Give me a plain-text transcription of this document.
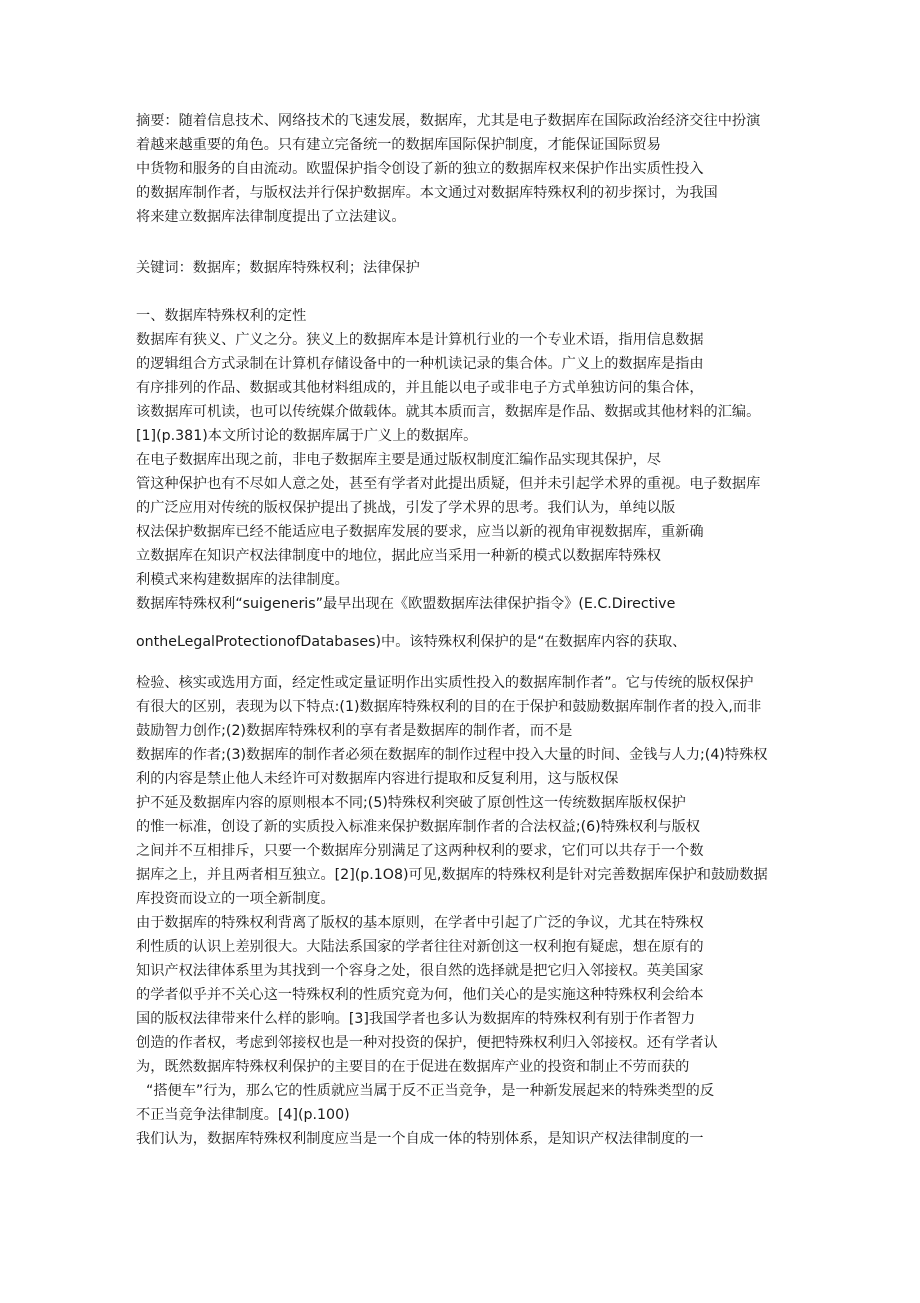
摘要：随着信息技术、网络技术的飞速发展，数据库，尤其是电子数据库在国际政治经济交往中扮演
着越来越重要的角色。只有建立完备统一的数据库国际保护制度，才能保证国际贸易
中货物和服务的自由流动。欧盟保护指令创设了新的独立的数据库权来保护作出实质性投入
的数据库制作者，与版权法并行保护数据库。本文通过对数据库特殊权利的初步探讨，为我国
将来建立数据库法律制度提出了立法建议。
关键词：数据库；数据库特殊权利；法律保护
一、数据库特殊权利的定性
数据库有狭义、广义之分。狭义上的数据库本是计算机行业的一个专业术语，指用信息数据
的逻辑组合方式录制在计算机存储设备中的一种机读记录的集合体。广义上的数据库是指由
有序排列的作品、数据或其他材料组成的，并且能以电子或非电子方式单独访问的集合体，
该数据库可机读，也可以传统媒介做载体。就其本质而言，数据库是作品、数据或其他材料的汇编。
[1](p.381)本文所讨论的数据库属于广义上的数据库。
在电子数据库出现之前，非电子数据库主要是通过版权制度汇编作品实现其保护，尽
管这种保护也有不尽如人意之处，甚至有学者对此提出质疑，但并未引起学术界的重视。电子数据库
的广泛应用对传统的版权保护提出了挑战，引发了学术界的思考。我们认为，单纯以版
权法保护数据库已经不能适应电子数据库发展的要求，应当以新的视角审视数据库，重新确
立数据库在知识产权法律制度中的地位，据此应当采用一种新的模式以数据库特殊权
利模式来构建数据库的法律制度。
数据库特殊权利“suigeneris”最早出现在《欧盟数据库法律保护指令》(E.C.Directive
ontheLegalProtectionofDatabases)中。该特殊权利保护的是“在数据库内容的获取、
检验、核实或选用方面，经定性或定量证明作出实质性投入的数据库制作者”。它与传统的版权保护
有很大的区别，表现为以下特点:(1)数据库特殊权利的目的在于保护和鼓励数据库制作者的投入,而非
鼓励智力创作;(2)数据库特殊权利的享有者是数据库的制作者，而不是
数据库的作者;(3)数据库的制作者必须在数据库的制作过程中投入大量的时间、金钱与人力;(4)特殊权
利的内容是禁止他人未经许可对数据库内容进行提取和反复利用，这与版权保
护不延及数据库内容的原则根本不同;(5)特殊权利突破了原创性这一传统数据库版权保护
的惟一标准，创设了新的实质投入标准来保护数据库制作者的合法权益;(6)特殊权利与版权
之间并不互相排斥，只要一个数据库分别满足了这两种权利的要求，它们可以共存于一个数
据库之上，并且两者相互独立。[2](p.1O8)可见,数据库的特殊权利是针对完善数据库保护和鼓励数据
库投资而设立的一项全新制度。
由于数据库的特殊权利背离了版权的基本原则，在学者中引起了广泛的争议，尤其在特殊权
利性质的认识上差别很大。大陆法系国家的学者往往对新创这一权利抱有疑虑，想在原有的
知识产权法律体系里为其找到一个容身之处，很自然的选择就是把它归入邻接权。英美国家
的学者似乎并不关心这一特殊权利的性质究竟为何，他们关心的是实施这种特殊权利会给本
国的版权法律带来什么样的影响。[3]我国学者也多认为数据库的特殊权利有别于作者智力
创造的作者权，考虑到邻接权也是一种对投资的保护，便把特殊权利归入邻接权。还有学者认
为，既然数据库特殊权利保护的主要目的在于促进在数据库产业的投资和制止不劳而获的
“搭便车”行为，那么它的性质就应当属于反不正当竞争，是一种新发展起来的特殊类型的反
不正当竞争法律制度。[4](p.100)
我们认为，数据库特殊权利制度应当是一个自成一体的特别体系，是知识产权法律制度的一
